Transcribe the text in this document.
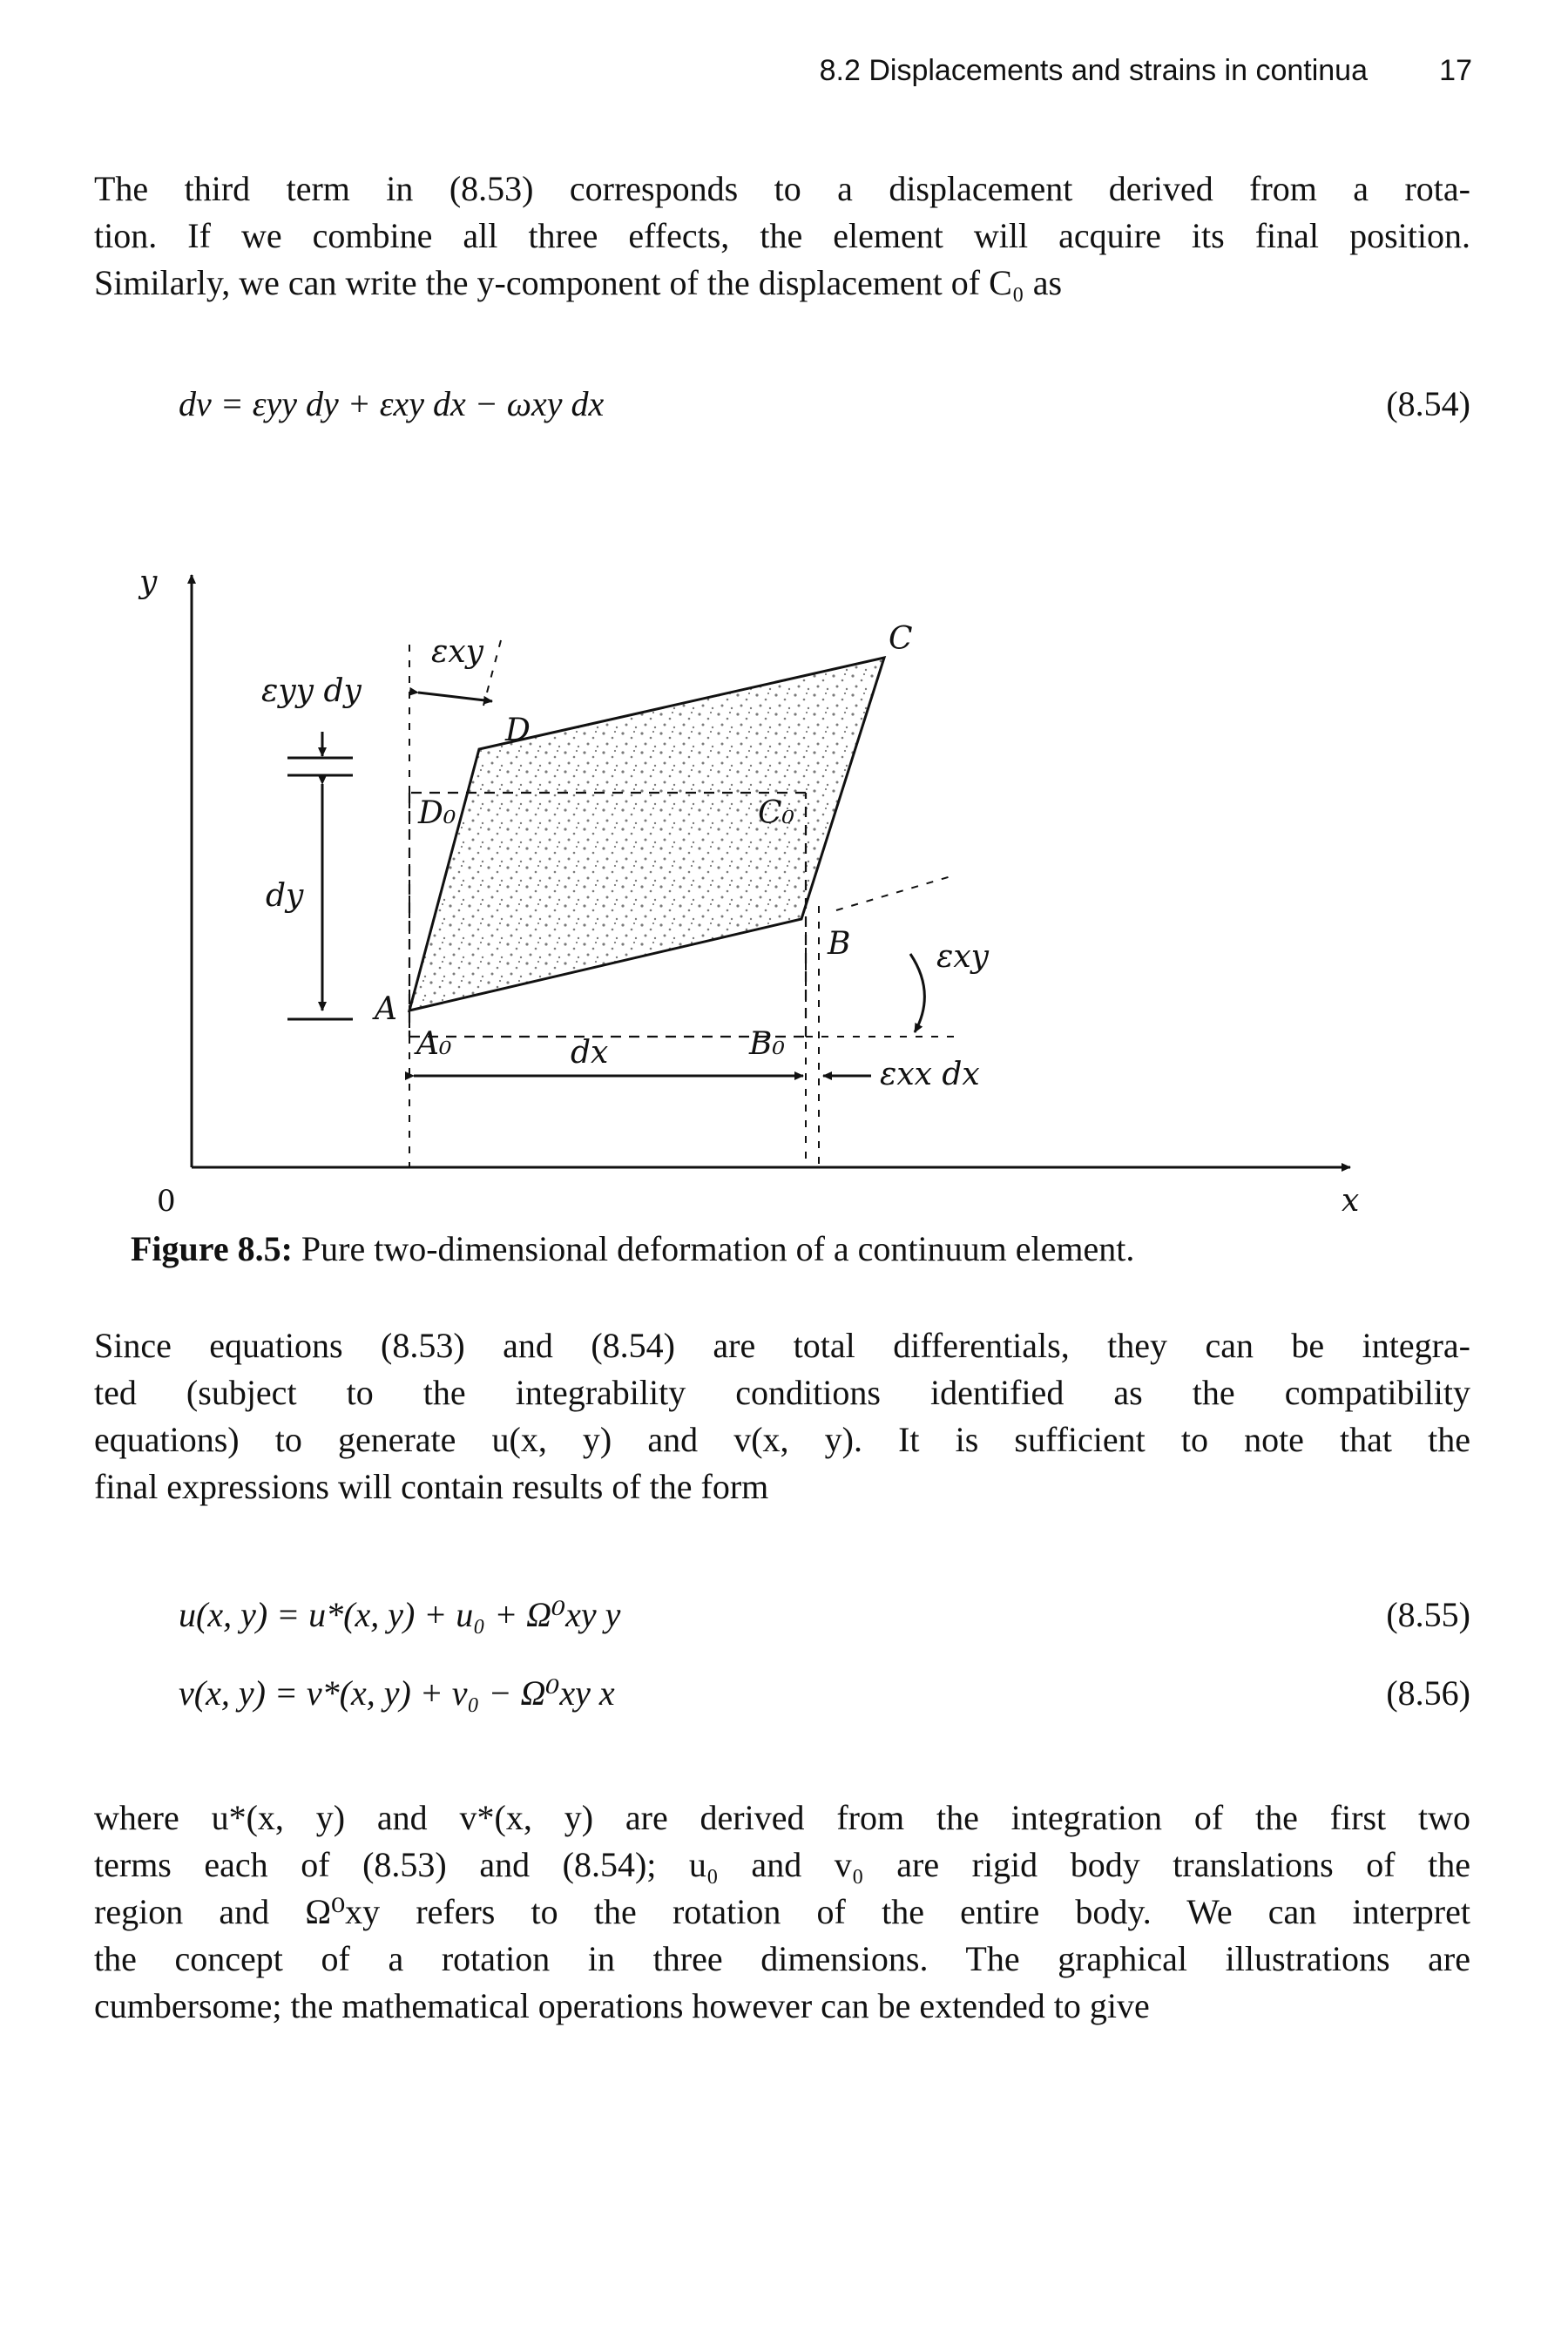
8.2 Displacements and strains in continua 17
The third term in (8.53) corresponds to a displacement derived from a rota-
tion. If we combine all three effects, the element will acquire its final position.
Similarly, we can write the y-component of the displacement of C₀ as
dv = εyy dy + εxy dx − ωxy dx	(8.54)
y
x
0
εyy dy
dy
dx
εxy
εxy
εxx dx
A
A₀
B
B₀
C
C₀
D
D₀
Figure 8.5: Pure two-dimensional deformation of a continuum element.
Since equations (8.53) and (8.54) are total differentials, they can be integra-
ted (subject to the integrability conditions identified as the compatibility
equations) to generate u(x, y) and v(x, y). It is sufficient to note that the
final expressions will contain results of the form
u(x, y) = u*(x, y) + u₀ + Ω⁰xy y	(8.55)
v(x, y) = v*(x, y) + v₀ − Ω⁰xy x	(8.56)
where u*(x, y) and v*(x, y) are derived from the integration of the first two
terms each of (8.53) and (8.54); u₀ and v₀ are rigid body translations of the
region and Ω⁰xy refers to the rotation of the entire body. We can interpret
the concept of a rotation in three dimensions. The graphical illustrations are
cumbersome; the mathematical operations however can be extended to give
